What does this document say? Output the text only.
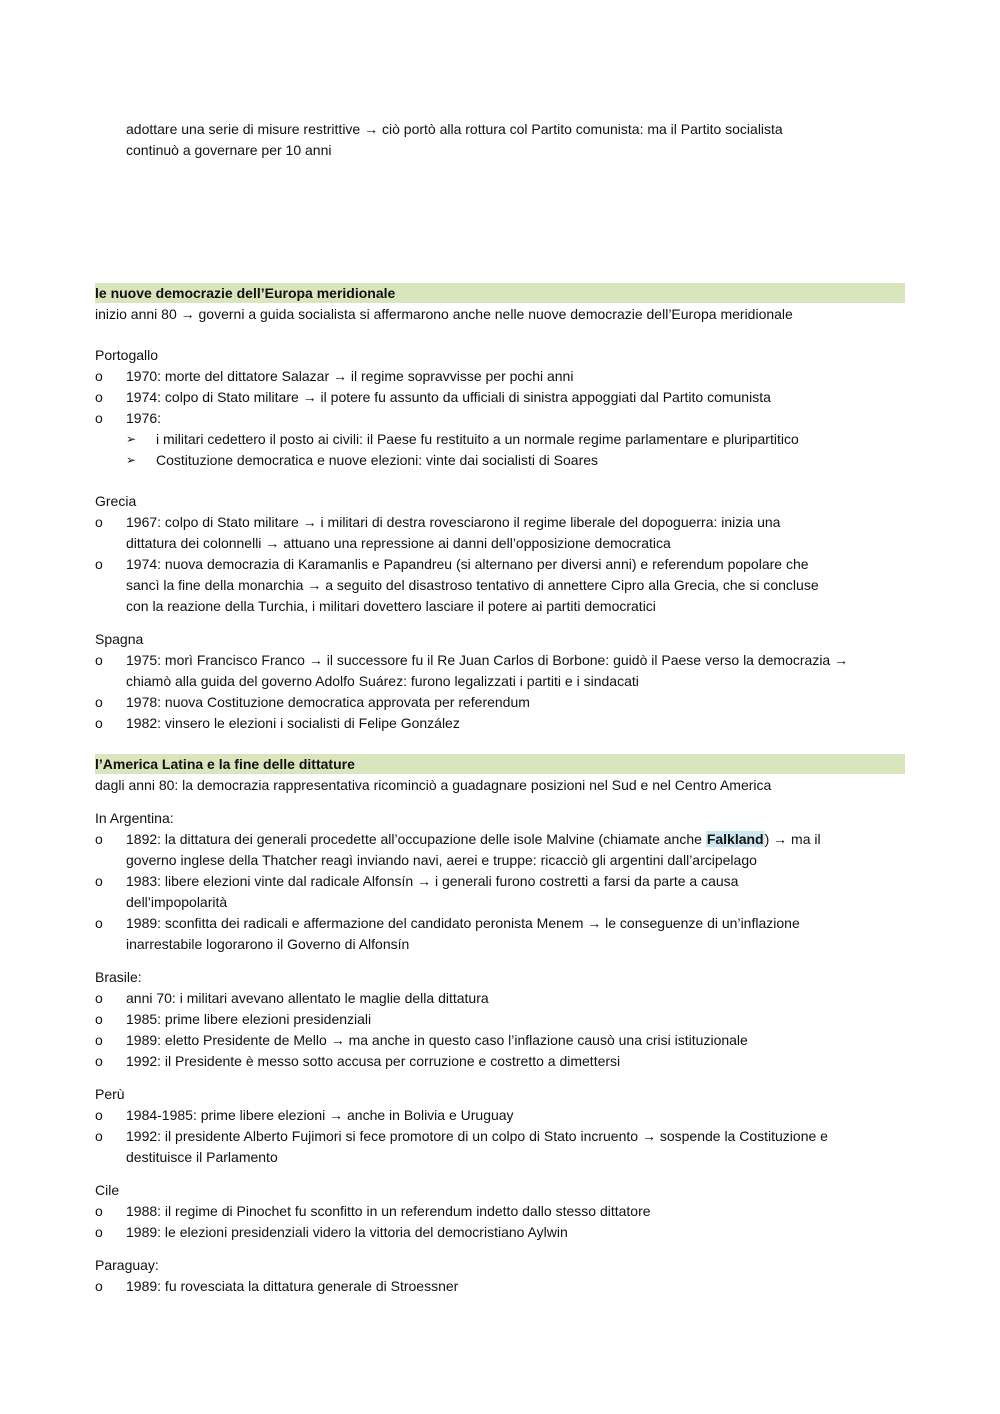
adottare una serie di misure restrittive → ciò portò alla rottura col Partito comunista: ma il Partito socialista
continuò a governare per 10 anni
le nuove democrazie dell’Europa meridionale
inizio anni 80 → governi a guida socialista si affermarono anche nelle nuove democrazie dell’Europa meridionale
Portogallo
o	1970: morte del dittatore Salazar → il regime sopravvisse per pochi anni
o	1974: colpo di Stato militare → il potere fu assunto da ufficiali di sinistra appoggiati dal Partito comunista
o	1976:
➢	i militari cedettero il posto ai civili: il Paese fu restituito a un normale regime parlamentare e pluripartitico
➢	Costituzione democratica e nuove elezioni: vinte dai socialisti di Soares
Grecia
o	1967: colpo di Stato militare → i militari di destra rovesciarono il regime liberale del dopoguerra: inizia una
dittatura dei colonnelli → attuano una repressione ai danni dell’opposizione democratica
o	1974: nuova democrazia di Karamanlis e Papandreu (si alternano per diversi anni) e referendum popolare che
sancì la fine della monarchia → a seguito del disastroso tentativo di annettere Cipro alla Grecia, che si concluse
con la reazione della Turchia, i militari dovettero lasciare il potere ai partiti democratici
Spagna
o	1975: morì Francisco Franco → il successore fu il Re Juan Carlos di Borbone: guidò il Paese verso la democrazia →
chiamò alla guida del governo Adolfo Suárez: furono legalizzati i partiti e i sindacati
o	1978: nuova Costituzione democratica approvata per referendum
o	1982: vinsero le elezioni i socialisti di Felipe González
l’America Latina e la fine delle dittature
dagli anni 80: la democrazia rappresentativa ricominciò a guadagnare posizioni nel Sud e nel Centro America
In Argentina:
o	1892: la dittatura dei generali procedette all’occupazione delle isole Malvine (chiamate anche Falkland) → ma il
governo inglese della Thatcher reagì inviando navi, aerei e truppe: ricacciò gli argentini dall’arcipelago
o	1983: libere elezioni vinte dal radicale Alfonsín → i generali furono costretti a farsi da parte a causa
dell’impopolarità
o	1989: sconfitta dei radicali e affermazione del candidato peronista Menem → le conseguenze di un’inflazione
inarrestabile logorarono il Governo di Alfonsín
Brasile:
o	anni 70: i militari avevano allentato le maglie della dittatura
o	1985: prime libere elezioni presidenziali
o	1989: eletto Presidente de Mello → ma anche in questo caso l’inflazione causò una crisi istituzionale
o	1992: il Presidente è messo sotto accusa per corruzione e costretto a dimettersi
Perù
o	1984-1985: prime libere elezioni → anche in Bolivia e Uruguay
o	1992: il presidente Alberto Fujimori si fece promotore di un colpo di Stato incruento → sospende la Costituzione e
destituisce il Parlamento
Cile
o	1988: il regime di Pinochet fu sconfitto in un referendum indetto dallo stesso dittatore
o	1989: le elezioni presidenziali videro la vittoria del democristiano Aylwin
Paraguay:
o	1989: fu rovesciata la dittatura generale di Stroessner
